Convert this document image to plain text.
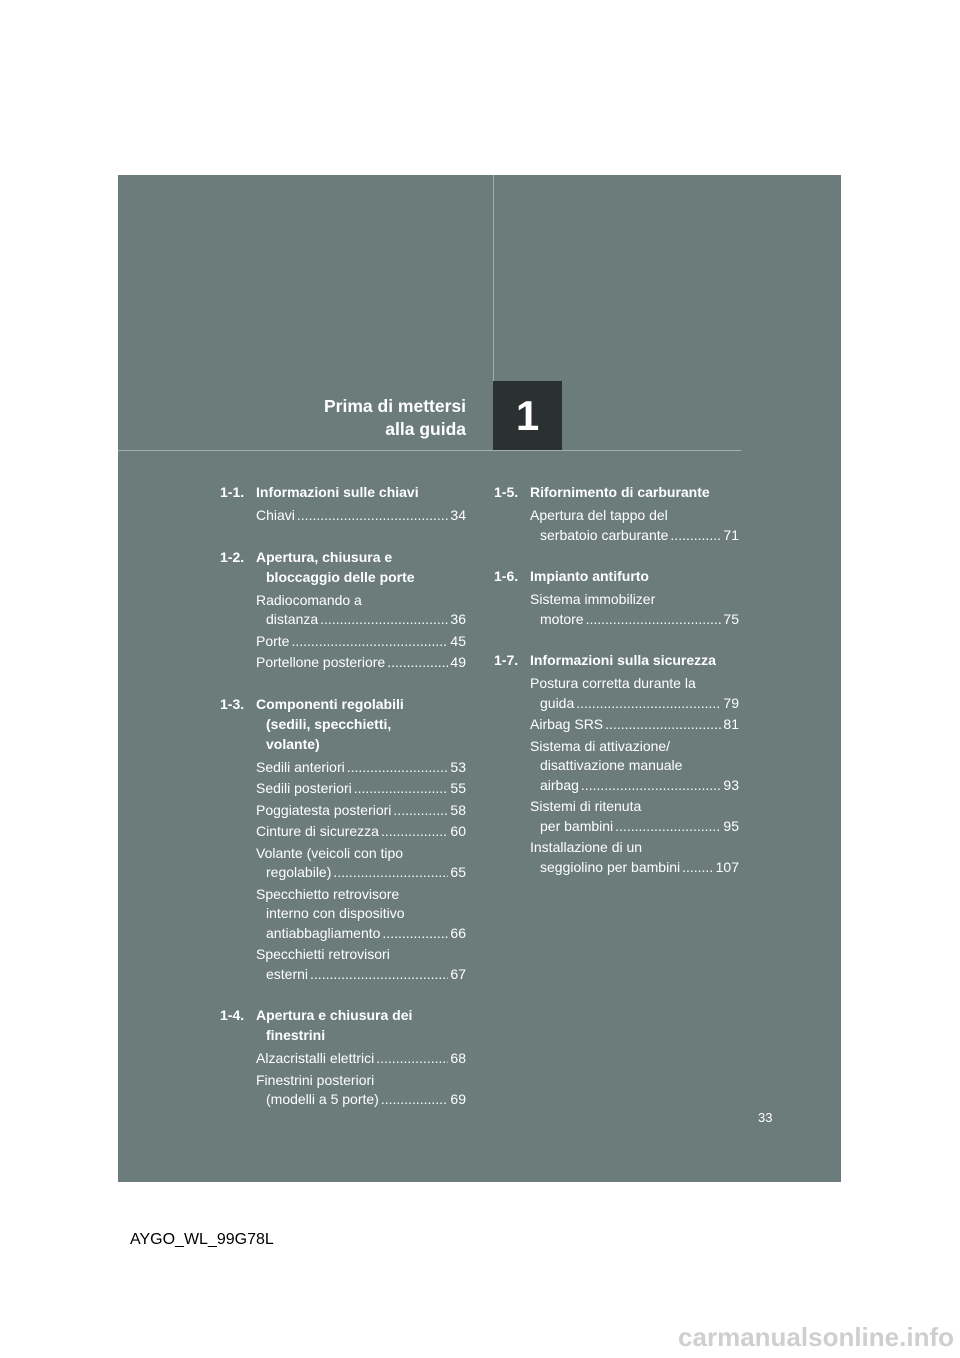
Prima di mettersi
alla guida 1
1-1. Informazioni sulle chiavi
Chiavi .....	34
1-2. Apertura, chiusura e
bloccaggio delle porte
Radiocomando a
distanza .....	36
Porte .....	45
Portellone posteriore .....	49
1-3. Componenti regolabili
(sedili, specchietti,
volante)
Sedili anteriori .....	53
Sedili posteriori .....	55
Poggiatesta posteriori .....	58
Cinture di sicurezza .....	60
Volante (veicoli con tipo
regolabile) .....	65
Specchietto retrovisore
interno con dispositivo
antiabbagliamento .....	66
Specchietti retrovisori
esterni .....	67
1-4. Apertura e chiusura dei
finestrini
Alzacristalli elettrici .....	68
Finestrini posteriori
(modelli a 5 porte) .....	69
1-5. Rifornimento di carburante
Apertura del tappo del
serbatoio carburante .....	71
1-6. Impianto antifurto
Sistema immobilizer
motore .....	75
1-7. Informazioni sulla sicurezza
Postura corretta durante la
guida .....	79
Airbag SRS .....	81
Sistema di attivazione/
disattivazione manuale
airbag .....	93
Sistemi di ritenuta
per bambini .....	95
Installazione di un
seggiolino per bambini .....	107
33
AYGO_WL_99G78L
carmanualsonline.info
